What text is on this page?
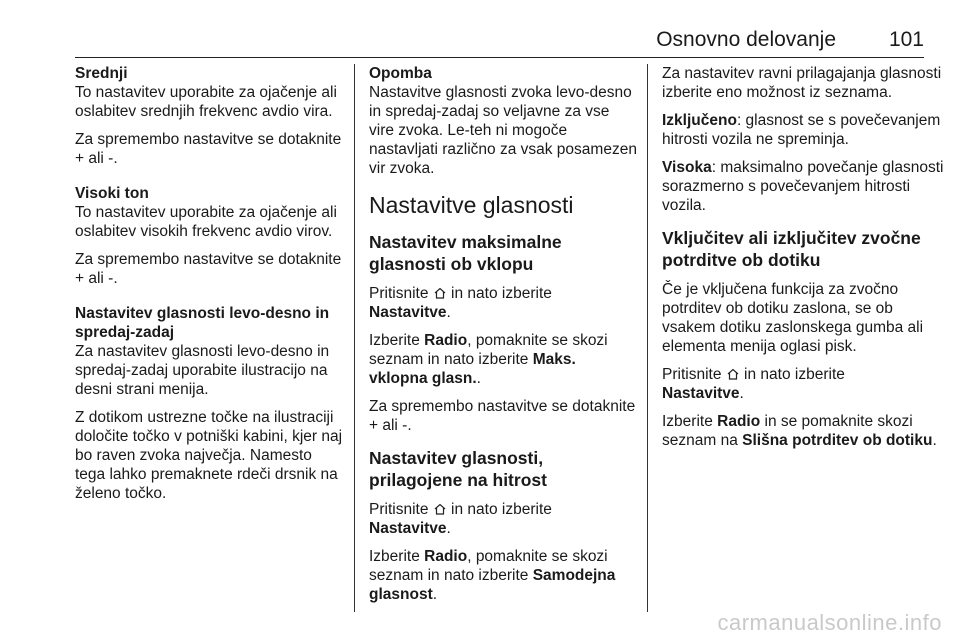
Osnovno delovanje	101

Srednji

To nastavitev uporabite za ojačenje ali oslabitev srednjih frekvenc avdio vira.

Za spremembo nastavitve se dotaknite + ali -.

Visoki ton

To nastavitev uporabite za ojačenje ali oslabitev visokih frekvenc avdio virov.

Za spremembo nastavitve se dotaknite + ali -.

Nastavitev glasnosti levo-desno in spredaj-zadaj

Za nastavitev glasnosti levo-desno in spredaj-zadaj uporabite ilustracijo na desni strani menija.

Z dotikom ustrezne točke na ilustraciji določite točko v potniški kabini, kjer naj bo raven zvoka največja. Namesto tega lahko premaknete rdeči drsnik na želeno točko.

Opomba

Nastavitve glasnosti zvoka levo-desno in spredaj-zadaj so veljavne za vse vire zvoka. Le-teh ni mogoče nastavljati različno za vsak posamezen vir zvoka.

Nastavitve glasnosti

Nastavitev maksimalne glasnosti ob vklopu

Pritisnite  in nato izberite
Nastavitve.

Izberite Radio, pomaknite se skozi seznam in nato izberite Maks. vklopna glasn..

Za spremembo nastavitve se dotaknite + ali -.

Nastavitev glasnosti, prilagojene na hitrost

Pritisnite  in nato izberite
Nastavitve.

Izberite Radio, pomaknite se skozi seznam in nato izberite Samodejna glasnost.

Za nastavitev ravni prilagajanja glasnosti izberite eno možnost iz seznama.

Izključeno: glasnost se s povečevanjem hitrosti vozila ne spreminja.

Visoka: maksimalno povečanje glasnosti sorazmerno s povečevanjem hitrosti vozila.

Vključitev ali izključitev zvočne potrditve ob dotiku

Če je vključena funkcija za zvočno potrditev ob dotiku zaslona, se ob vsakem dotiku zaslonskega gumba ali elementa menija oglasi pisk.

Pritisnite  in nato izberite
Nastavitve.

Izberite Radio in se pomaknite skozi seznam na Slišna potrditev ob dotiku.

carmanualsonline.info
